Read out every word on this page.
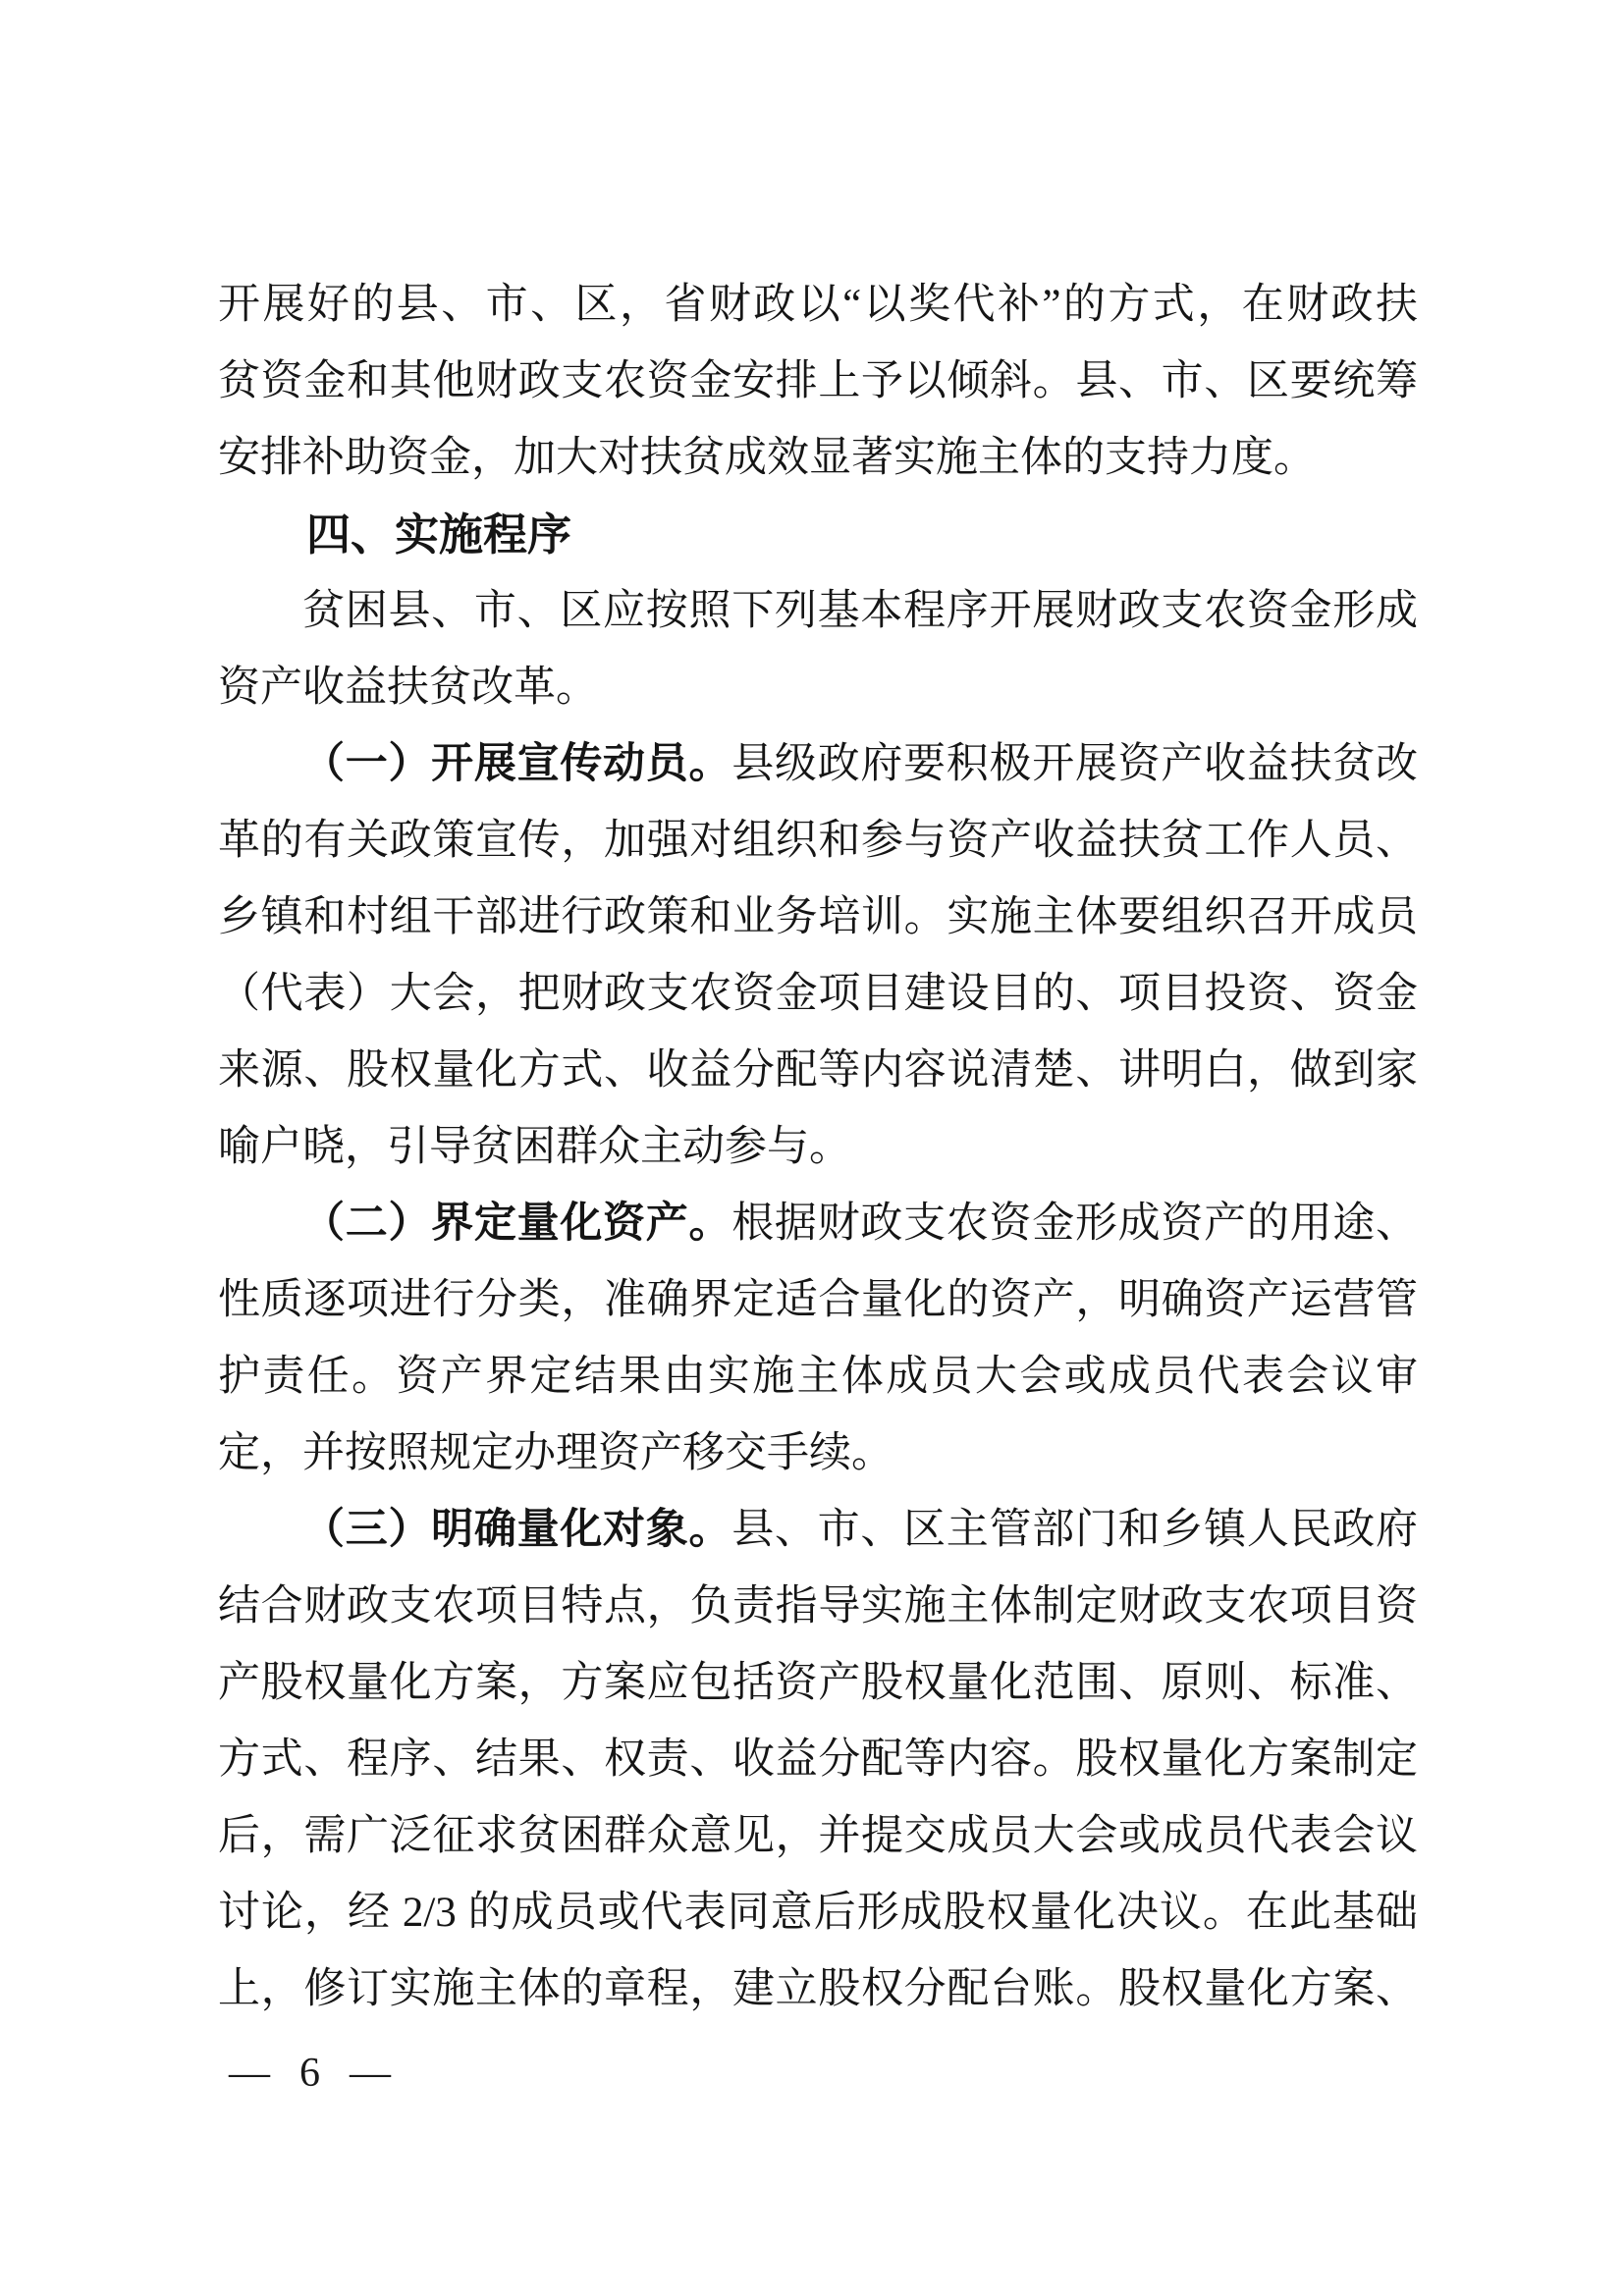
开展好的县、市、区，省财政以“以奖代补”的方式，在财政扶
贫资金和其他财政支农资金安排上予以倾斜。县、市、区要统筹
安排补助资金，加大对扶贫成效显著实施主体的支持力度。
四、实施程序
贫困县、市、区应按照下列基本程序开展财政支农资金形成
资产收益扶贫改革。
（一）开展宣传动员。县级政府要积极开展资产收益扶贫改
革的有关政策宣传，加强对组织和参与资产收益扶贫工作人员、
乡镇和村组干部进行政策和业务培训。实施主体要组织召开成员
（代表）大会，把财政支农资金项目建设目的、项目投资、资金
来源、股权量化方式、收益分配等内容说清楚、讲明白，做到家
喻户晓，引导贫困群众主动参与。
（二）界定量化资产。根据财政支农资金形成资产的用途、
性质逐项进行分类，准确界定适合量化的资产，明确资产运营管
护责任。资产界定结果由实施主体成员大会或成员代表会议审
定，并按照规定办理资产移交手续。
（三）明确量化对象。县、市、区主管部门和乡镇人民政府
结合财政支农项目特点，负责指导实施主体制定财政支农项目资
产股权量化方案，方案应包括资产股权量化范围、原则、标准、
方式、程序、结果、权责、收益分配等内容。股权量化方案制定
后，需广泛征求贫困群众意见，并提交成员大会或成员代表会议
讨论，经 2/3 的成员或代表同意后形成股权量化决议。在此基础
上，修订实施主体的章程，建立股权分配台账。股权量化方案、
— 6 —
